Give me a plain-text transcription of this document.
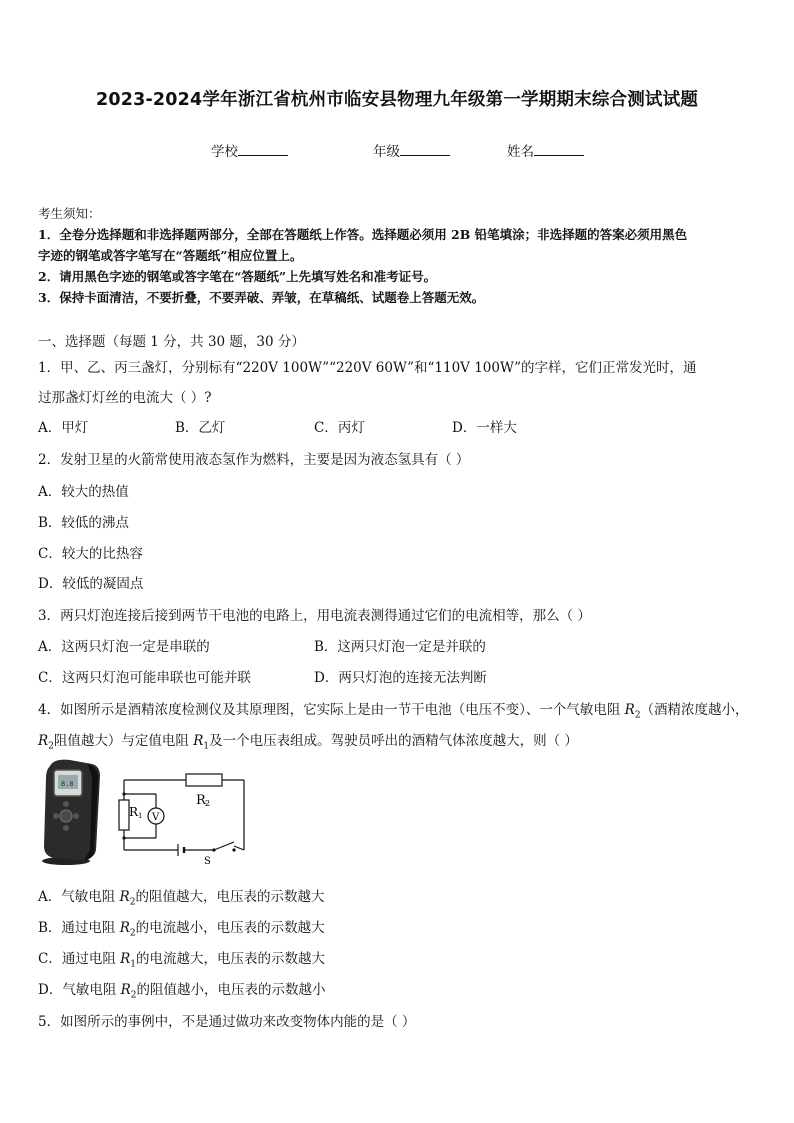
2023-2024学年浙江省杭州市临安县物理九年级第一学期期末综合测试试题
学校	年级	姓名
考生须知：
1．全卷分选择题和非选择题两部分，全部在答题纸上作答。选择题必须用 2B 铅笔填涂；非选择题的答案必须用黑色
字迹的钢笔或答字笔写在“答题纸”相应位置上。
2．请用黑色字迹的钢笔或答字笔在“答题纸”上先填写姓名和准考证号。
3．保持卡面清洁，不要折叠，不要弄破、弄皱，在草稿纸、试题卷上答题无效。
一、选择题（每题 1 分，共 30 题，30 分）
1．甲、乙、丙三盏灯，分别标有“220V 100W”“220V 60W”和“110V 100W”的字样，它们正常发光时，通
过那盏灯灯丝的电流大（ ）?
A．甲灯	B．乙灯	C．丙灯	D．一样大
2．发射卫星的火箭常使用液态氢作为燃料，主要是因为液态氢具有（ ）
A．较大的热值
B．较低的沸点
C．较大的比热容
D．较低的凝固点
3．两只灯泡连接后接到两节干电池的电路上，用电流表测得通过它们的电流相等，那么（ ）
A．这两只灯泡一定是串联的	B．这两只灯泡一定是并联的
C．这两只灯泡可能串联也可能并联	D．两只灯泡的连接无法判断
4．如图所示是酒精浓度检测仪及其原理图，它实际上是由一节干电池（电压不变）、一个气敏电阻 $R_2$（酒精浓度越小，
$R_2$阻值越大）与定值电阻 $R_1$及一个电压表组成。驾驶员呼出的酒精气体浓度越大，则（ ）
8.8
R 1
R 2
V
S
A．气敏电阻 $R_2$的阻值越大，电压表的示数越大
B．通过电阻 $R_2$的电流越小，电压表的示数越大
C．通过电阻 $R_1$的电流越大，电压表的示数越大
D．气敏电阻 $R_2$的阻值越小，电压表的示数越小
5．如图所示的事例中，不是通过做功来改变物体内能的是（ ）
